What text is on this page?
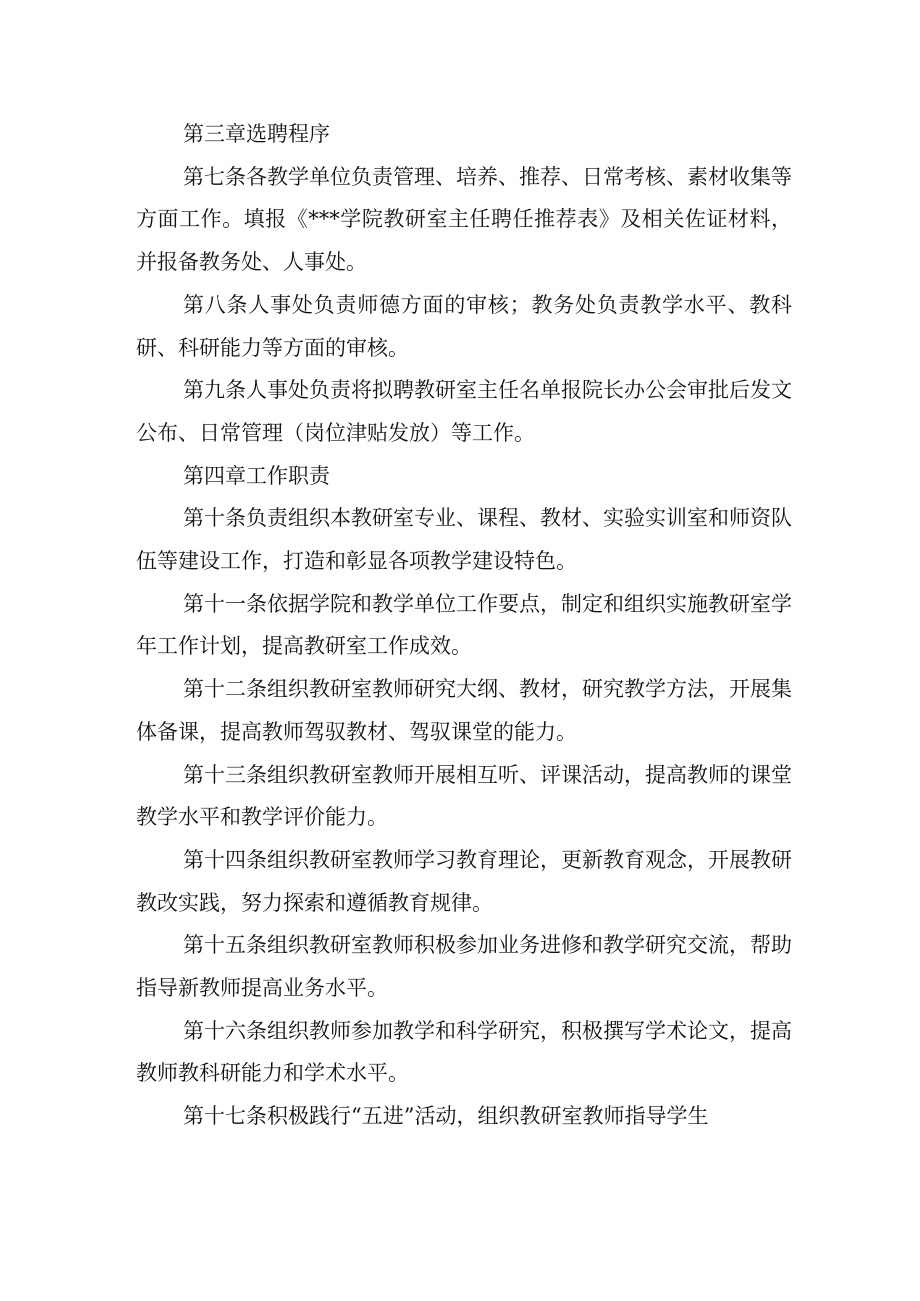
第三章选聘程序

第七条各教学单位负责管理、培养、推荐、日常考核、素材收集等方面工作。填报《***学院教研室主任聘任推荐表》及相关佐证材料，并报备教务处、人事处。

第八条人事处负责师德方面的审核；教务处负责教学水平、教科研、科研能力等方面的审核。

第九条人事处负责将拟聘教研室主任名单报院长办公会审批后发文公布、日常管理（岗位津贴发放）等工作。

第四章工作职责

第十条负责组织本教研室专业、课程、教材、实验实训室和师资队伍等建设工作，打造和彰显各项教学建设特色。

第十一条依据学院和教学单位工作要点，制定和组织实施教研室学年工作计划，提高教研室工作成效。

第十二条组织教研室教师研究大纲、教材，研究教学方法，开展集体备课，提高教师驾驭教材、驾驭课堂的能力。

第十三条组织教研室教师开展相互听、评课活动，提高教师的课堂教学水平和教学评价能力。

第十四条组织教研室教师学习教育理论，更新教育观念，开展教研教改实践，努力探索和遵循教育规律。

第十五条组织教研室教师积极参加业务进修和教学研究交流，帮助指导新教师提高业务水平。

第十六条组织教师参加教学和科学研究，积极撰写学术论文，提高教师教科研能力和学术水平。

第十七条积极践行“五进”活动，组织教研室教师指导学生
